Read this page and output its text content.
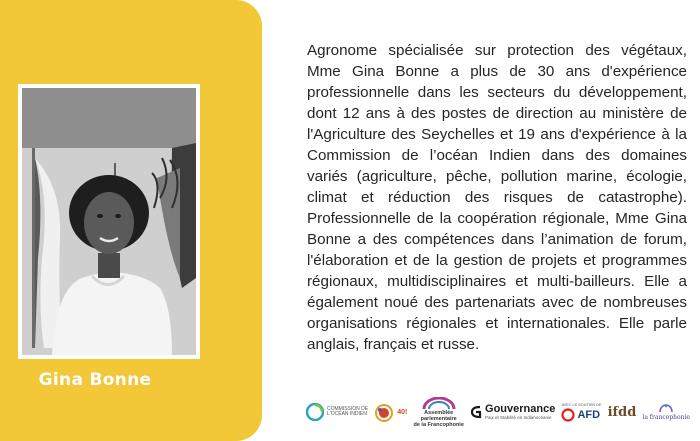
Gina Bonne

Agronome spécialisée sur protection des végétaux, Mme Gina Bonne a plus de 30 ans d'expérience professionnelle dans les secteurs du développement, dont 12 ans à des postes de direction au ministère de l'Agriculture des Seychelles et 19 ans d'expérience à la Commission de l’océan Indien dans des domaines variés (agriculture, pêche, pollution marine, écologie, climat et réduction des risques de catastrophe). Professionnelle de la coopération régionale, Mme Gina Bonne a des compétences dans l’animation de forum, l'élaboration et de la gestion de projets et programmes régionaux, multidisciplinaires et multi-bailleurs. Elle a également noué des partenariats avec de nombreuses organisations régionales et internationales. Elle parle anglais, français et russe.

COMMISSION DE
L'OCÉAN INDIEN	40!	Assemblée
parlementaire
de la Francophonie
Gouvernance
Paix et Stabilité en Indianocéanie
AVEC LE SOUTIEN DE
AFD ifdd la francophonie
